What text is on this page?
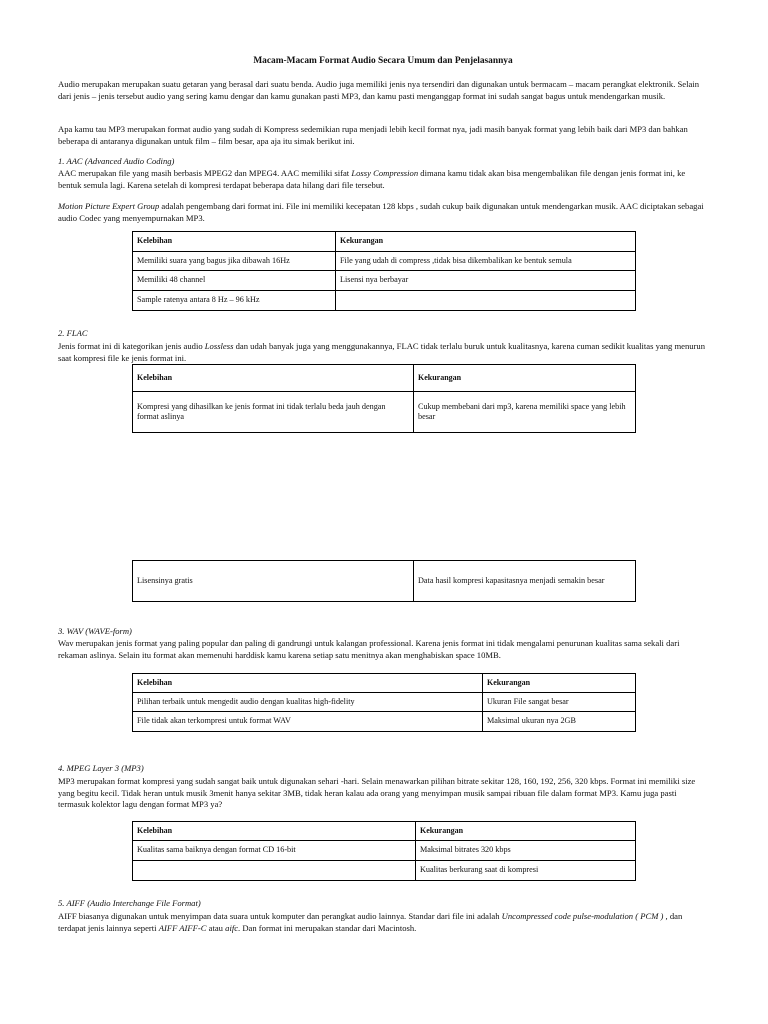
Macam-Macam Format Audio Secara Umum dan Penjelasannya

Audio merupakan merupakan suatu getaran yang berasal dari suatu benda. Audio juga memiliki jenis nya tersendiri dan digunakan untuk bermacam – macam perangkat elektronik. Selain dari jenis – jenis tersebut audio yang sering kamu dengar dan kamu gunakan pasti MP3, dan kamu pasti menganggap format ini sudah sangat bagus untuk mendengarkan musik.

Apa kamu tau MP3 merupakan format audio yang sudah di Kompress sedemikian rupa menjadi lebih kecil format nya, jadi masih banyak format yang lebih baik dari MP3 dan bahkan beberapa di antaranya digunakan untuk film – film besar, apa aja itu simak berikut ini.

1. AAC (Advanced Audio Coding)

AAC merupakan file yang masih berbasis MPEG2 dan MPEG4. AAC memiliki sifat Lossy Compression dimana kamu tidak akan bisa mengembalikan file dengan jenis format ini, ke bentuk semula lagi. Karena setelah di kompresi terdapat beberapa data hilang dari file tersebut.

Motion Picture Expert Group adalah pengembang dari format ini. File ini memiliki kecepatan 128 kbps , sudah cukup baik digunakan untuk mendengarkan musik. AAC diciptakan sebagai audio Codec yang menyempurnakan MP3.

Kelebihan	Kekurangan
Memiliki suara yang bagus jika dibawah 16Hz	File yang udah di compress ,tidak bisa dikembalikan ke bentuk semula
Memiliki 48 channel	Lisensi nya berbayar
Sample ratenya antara 8 Hz – 96 kHz	

2. FLAC

Jenis format ini di kategorikan jenis audio Lossless dan udah banyak juga yang menggunakannya, FLAC tidak terlalu buruk untuk kualitasnya, karena cuman sedikit kualitas yang menurun saat kompresi file ke jenis format ini.

Kelebihan	Kekurangan
Kompresi yang dihasilkan ke jenis format ini tidak terlalu beda jauh dengan format aslinya	Cukup membebani dari mp3, karena memiliki space yang lebih besar
Lisensinya gratis	Data hasil kompresi kapasitasnya menjadi semakin besar

3. WAV (WAVE-form)

Wav merupakan jenis format yang paling popular dan paling di gandrungi untuk kalangan professional. Karena jenis format ini tidak mengalami penurunan kualitas sama sekali dari rekaman aslinya. Selain itu format akan memenuhi harddisk kamu karena setiap satu menitnya akan menghabiskan space 10MB.

Kelebihan	Kekurangan
Pilihan terbaik untuk mengedit audio dengan kualitas high-fidelity	Ukuran File sangat besar
File tidak akan terkompresi untuk format WAV	Maksimal ukuran nya 2GB

4. MPEG Layer 3 (MP3)

MP3 merupakan format kompresi yang sudah sangat baik untuk digunakan sehari -hari. Selain menawarkan pilihan bitrate sekitar 128, 160, 192, 256, 320 kbps. Format ini memiliki size yang begitu kecil. Tidak heran untuk musik 3menit hanya sekitar 3MB, tidak heran kalau ada orang yang menyimpan musik sampai ribuan file dalam format MP3. Kamu juga pasti termasuk kolektor lagu dengan format MP3 ya?

Kelebihan	Kekurangan
Kualitas sama baiknya dengan format CD 16-bit	Maksimal bitrates 320 kbps
	Kualitas berkurang saat di kompresi

5. AIFF (Audio Interchange File Format)

AIFF biasanya digunakan untuk menyimpan data suara untuk komputer dan perangkat audio lainnya. Standar dari file ini adalah Uncompressed code pulse-modulation ( PCM ) , dan terdapat jenis lainnya seperti AIFF AIFF-C atau aifc. Dan format ini merupakan standar dari Macintosh.
